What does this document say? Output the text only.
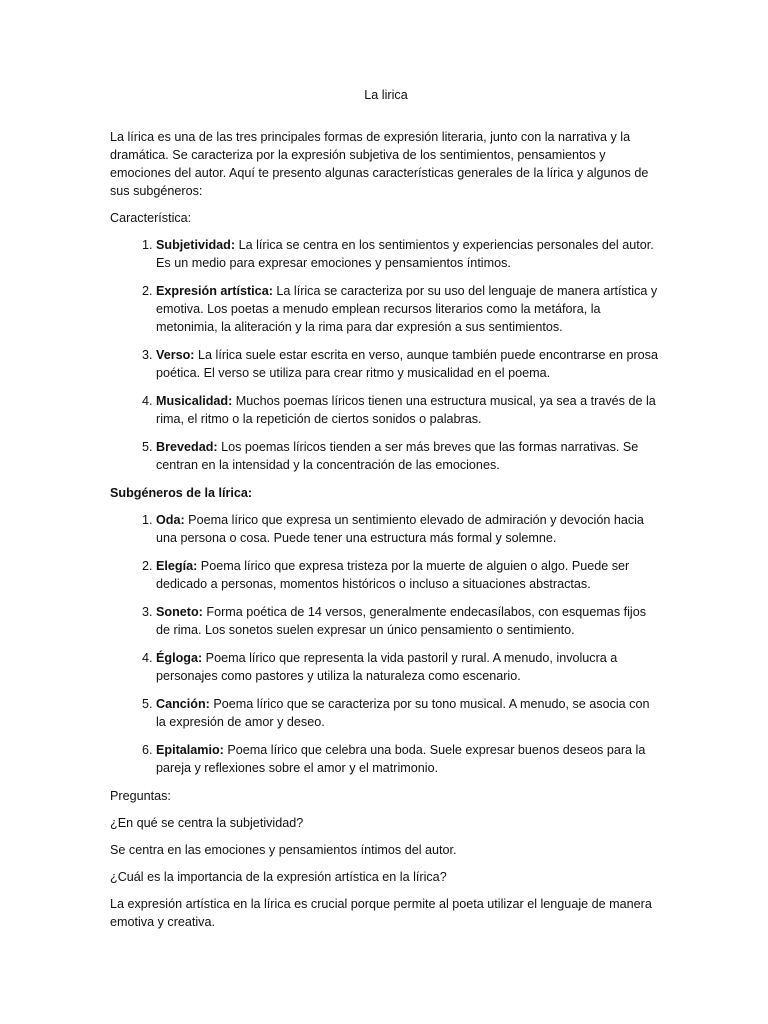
La lirica

La lírica es una de las tres principales formas de expresión literaria, junto con la narrativa y la dramática. Se caracteriza por la expresión subjetiva de los sentimientos, pensamientos y emociones del autor. Aquí te presento algunas características generales de la lírica y algunos de sus subgéneros:

Característica:

1. Subjetividad: La lírica se centra en los sentimientos y experiencias personales del autor. Es un medio para expresar emociones y pensamientos íntimos.
2. Expresión artística: La lírica se caracteriza por su uso del lenguaje de manera artística y emotiva. Los poetas a menudo emplean recursos literarios como la metáfora, la metonimia, la aliteración y la rima para dar expresión a sus sentimientos.
3. Verso: La lírica suele estar escrita en verso, aunque también puede encontrarse en prosa poética. El verso se utiliza para crear ritmo y musicalidad en el poema.
4. Musicalidad: Muchos poemas líricos tienen una estructura musical, ya sea a través de la rima, el ritmo o la repetición de ciertos sonidos o palabras.
5. Brevedad: Los poemas líricos tienden a ser más breves que las formas narrativas. Se centran en la intensidad y la concentración de las emociones.

Subgéneros de la lírica:

1. Oda: Poema lírico que expresa un sentimiento elevado de admiración y devoción hacia una persona o cosa. Puede tener una estructura más formal y solemne.
2. Elegía: Poema lírico que expresa tristeza por la muerte de alguien o algo. Puede ser dedicado a personas, momentos históricos o incluso a situaciones abstractas.
3. Soneto: Forma poética de 14 versos, generalmente endecasílabos, con esquemas fijos de rima. Los sonetos suelen expresar un único pensamiento o sentimiento.
4. Égloga: Poema lírico que representa la vida pastoril y rural. A menudo, involucra a personajes como pastores y utiliza la naturaleza como escenario.
5. Canción: Poema lírico que se caracteriza por su tono musical. A menudo, se asocia con la expresión de amor y deseo.
6. Epitalamio: Poema lírico que celebra una boda. Suele expresar buenos deseos para la pareja y reflexiones sobre el amor y el matrimonio.

Preguntas:

¿En qué se centra la subjetividad?

Se centra en las emociones y pensamientos íntimos del autor.

¿Cuál es la importancia de la expresión artística en la lírica?

La expresión artística en la lírica es crucial porque permite al poeta utilizar el lenguaje de manera emotiva y creativa.
